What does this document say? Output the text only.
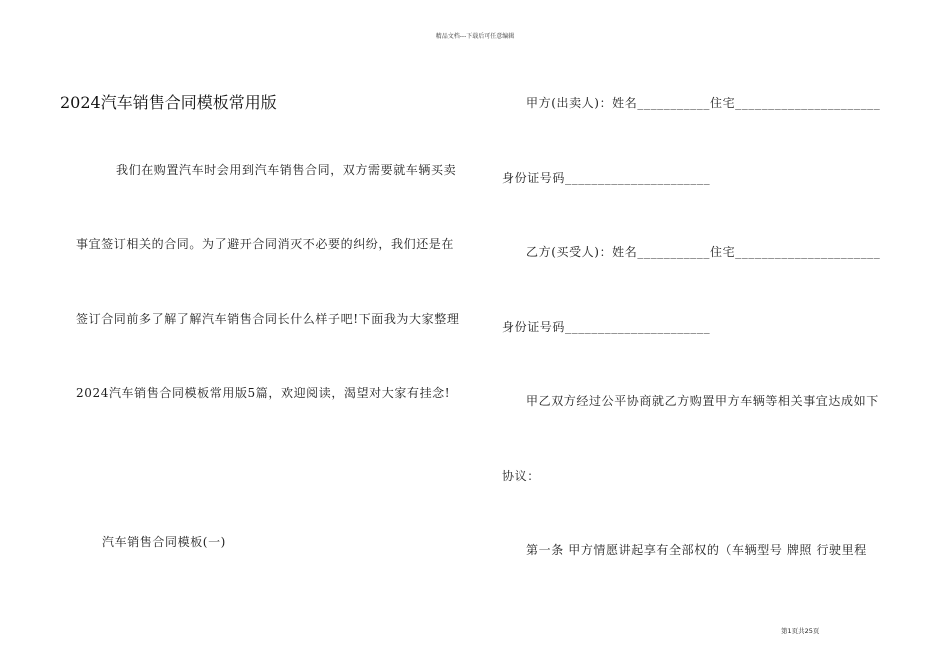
精品文档---下载后可任意编辑
2024汽车销售合同模板常用版
我们在购置汽车时会用到汽车销售合同，双方需要就车辆买卖
事宜签订相关的合同。为了避开合同消灭不必要的纠纷，我们还是在
签订合同前多了解了解汽车销售合同长什么样子吧!下面我为大家整理
2024汽车销售合同模板常用版5篇，欢迎阅读，渴望对大家有挂念!
汽车销售合同模板(一)
甲方(出卖人)：姓名___________住宅______________________
身份证号码______________________
乙方(买受人)：姓名___________住宅______________________
身份证号码______________________
甲乙双方经过公平协商就乙方购置甲方车辆等相关事宜达成如下
协议：
第一条 甲方情愿讲起享有全部权的（车辆型号 牌照 行驶里程
第1页共25页
